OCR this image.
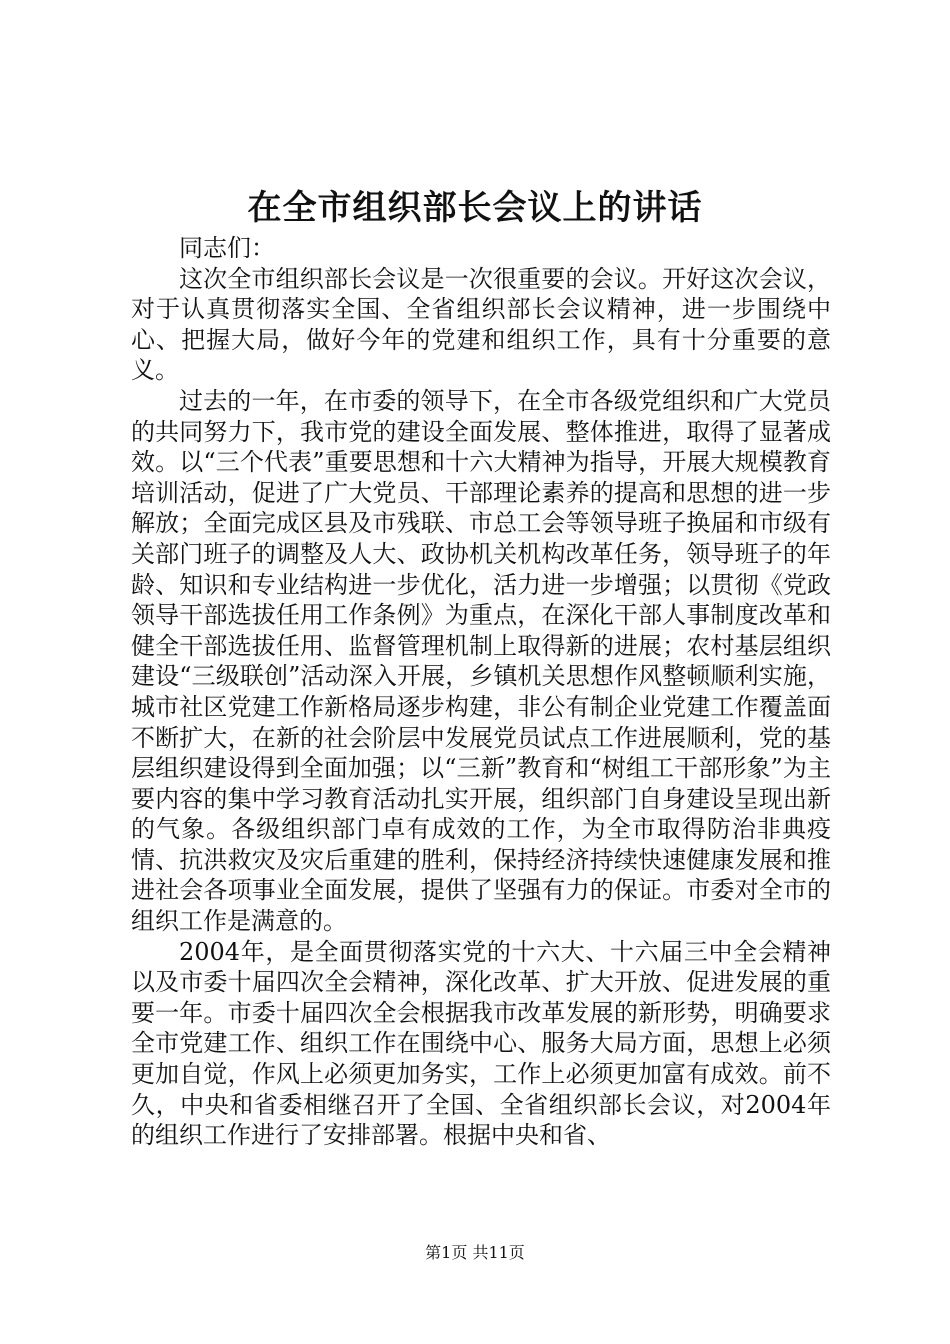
在全市组织部长会议上的讲话

同志们：

这次全市组织部长会议是一次很重要的会议。开好这次会议，对于认真贯彻落实全国、全省组织部长会议精神，进一步围绕中心、把握大局，做好今年的党建和组织工作，具有十分重要的意义。

过去的一年，在市委的领导下，在全市各级党组织和广大党员的共同努力下，我市党的建设全面发展、整体推进，取得了显著成效。以“三个代表”重要思想和十六大精神为指导，开展大规模教育培训活动，促进了广大党员、干部理论素养的提高和思想的进一步解放；全面完成区县及市残联、市总工会等领导班子换届和市级有关部门班子的调整及人大、政协机关机构改革任务，领导班子的年龄、知识和专业结构进一步优化，活力进一步增强；以贯彻《党政领导干部选拔任用工作条例》为重点，在深化干部人事制度改革和健全干部选拔任用、监督管理机制上取得新的进展；农村基层组织建设“三级联创”活动深入开展，乡镇机关思想作风整顿顺利实施，城市社区党建工作新格局逐步构建，非公有制企业党建工作覆盖面不断扩大，在新的社会阶层中发展党员试点工作进展顺利，党的基层组织建设得到全面加强；以“三新”教育和“树组工干部形象”为主要内容的集中学习教育活动扎实开展，组织部门自身建设呈现出新的气象。各级组织部门卓有成效的工作，为全市取得防治非典疫情、抗洪救灾及灾后重建的胜利，保持经济持续快速健康发展和推进社会各项事业全面发展，提供了坚强有力的保证。市委对全市的组织工作是满意的。

2004年，是全面贯彻落实党的十六大、十六届三中全会精神以及市委十届四次全会精神，深化改革、扩大开放、促进发展的重要一年。市委十届四次全会根据我市改革发展的新形势，明确要求全市党建工作、组织工作在围绕中心、服务大局方面，思想上必须更加自觉，作风上必须更加务实，工作上必须更加富有成效。前不久，中央和省委相继召开了全国、全省组织部长会议，对2004年的组织工作进行了安排部署。根据中央和省、

第1页 共11页
